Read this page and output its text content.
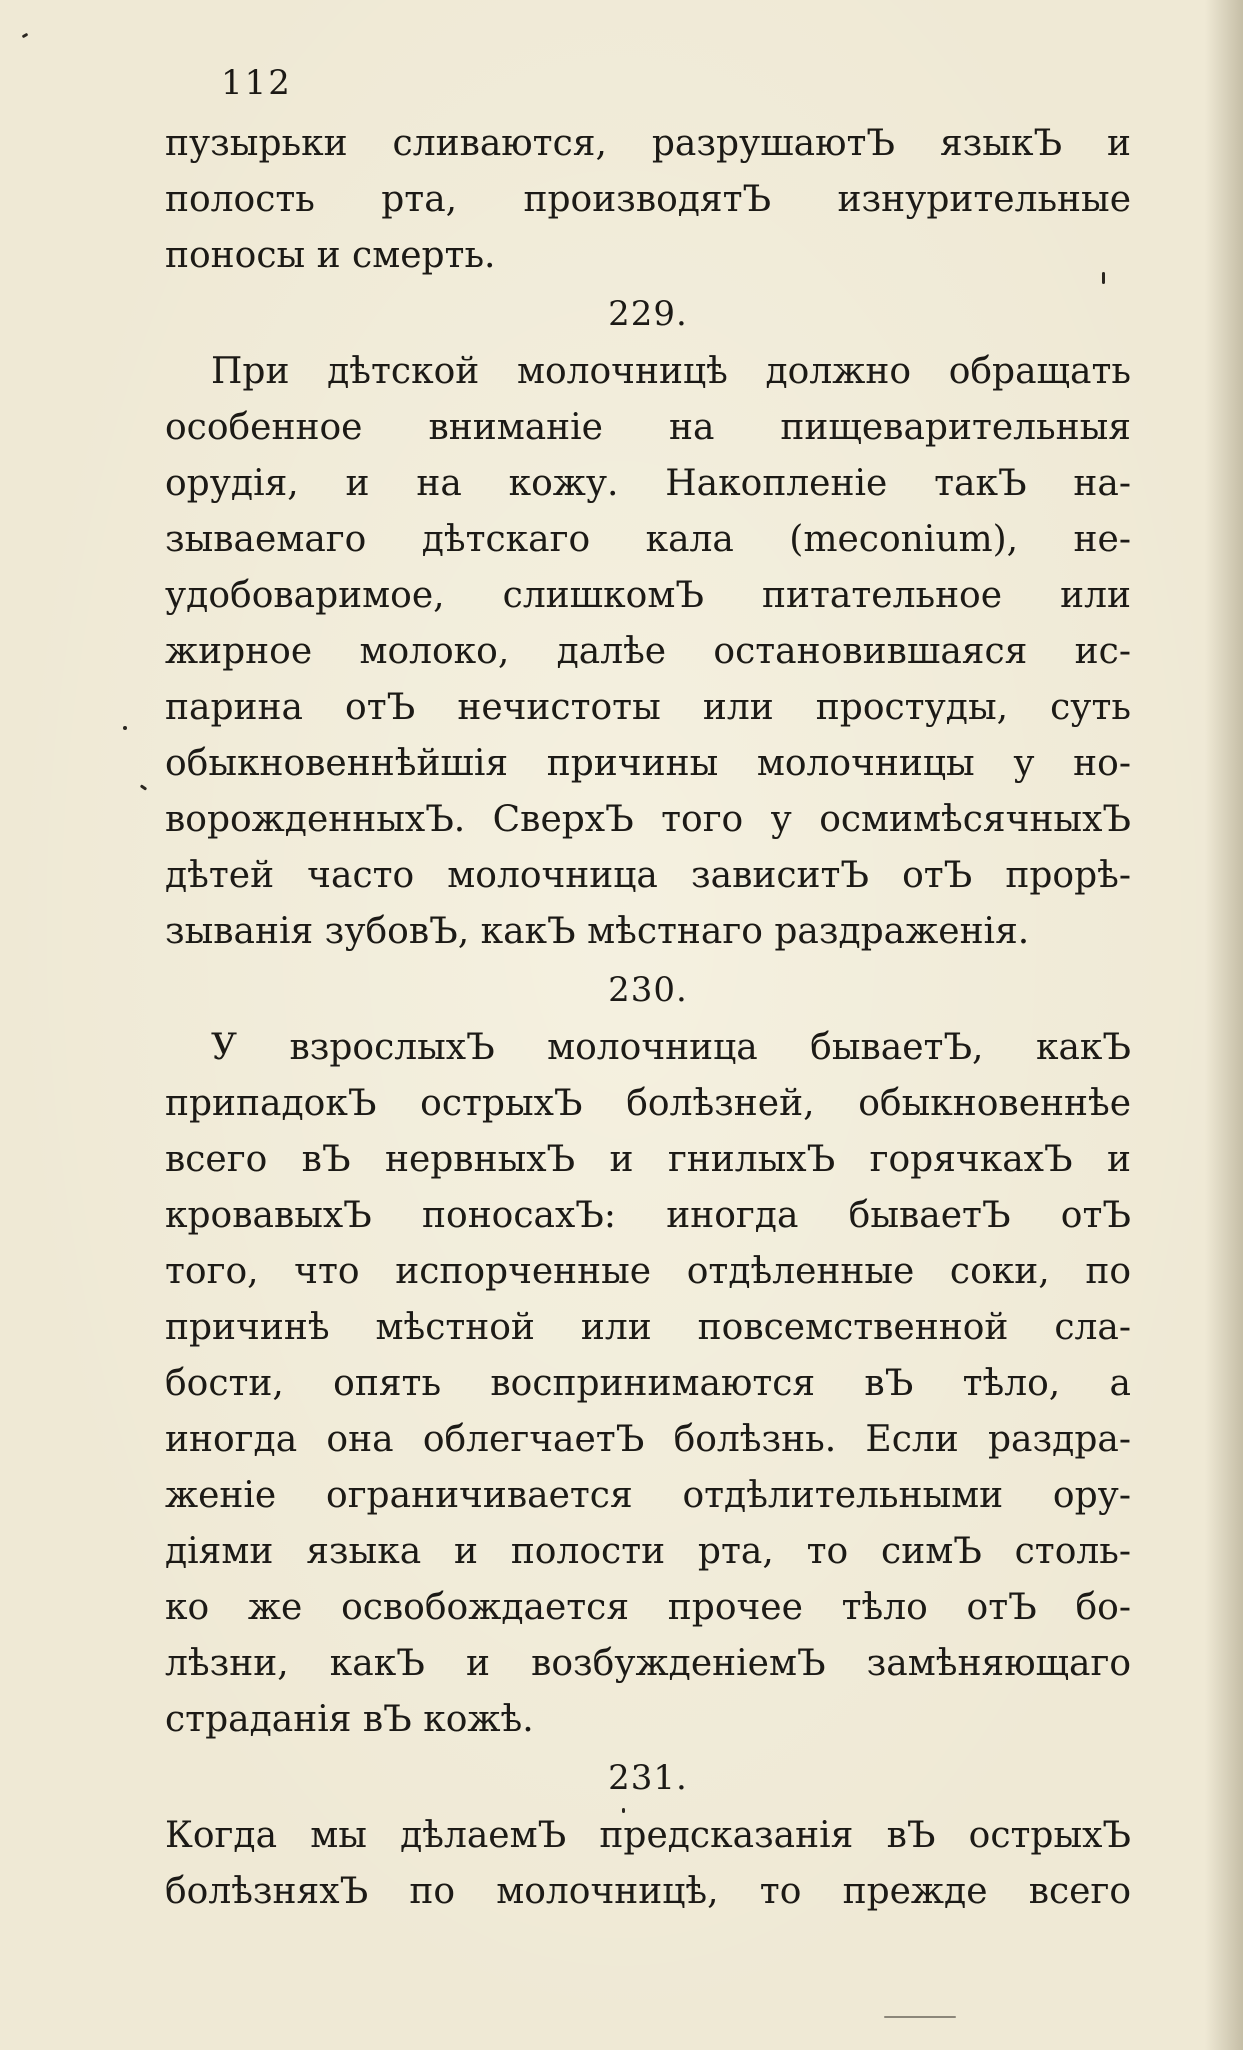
112
пузырьки сливаются, разрушаютЪ языкЪ и
полость рта, производятЪ изнурительные
поносы и смерть.
229.
При дѣтской молочницѣ должно обращать
особенное вниманіе на пищеварительныя
орудія, и на кожу. Накопленіе такЪ на-
зываемаго дѣтскаго кала (meconium), не-
удобоваримое, слишкомЪ питательное или
жирное молоко, далѣе остановившаяся ис-
парина отЪ нечистоты или простуды, суть
обыкновеннѣйшія причины молочницы у но-
ворожденныхЪ. СверхЪ того у осмимѣсячныхЪ
дѣтей часто молочница зависитЪ отЪ прорѣ-
зыванія зубовЪ, какЪ мѣстнаго раздраженія.
230.
У взрослыхЪ молочница бываетЪ, какЪ
припадокЪ острыхЪ болѣзней, обыкновеннѣе
всего вЪ нервныхЪ и гнилыхЪ горячкахЪ и
кровавыхЪ поносахЪ: иногда бываетЪ отЪ
того, что испорченные отдѣленные соки, по
причинѣ мѣстной или повсемственной сла-
бости, опять воспринимаются вЪ тѣло, а
иногда она облегчаетЪ болѣзнь. Если раздра-
женіе ограничивается отдѣлительными ору-
діями языка и полости рта, то симЪ столь-
ко же освобождается прочее тѣло отЪ бо-
лѣзни, какЪ и возбужденіемЪ замѣняющаго
страданія вЪ кожѣ.
231.
Когда мы дѣлаемЪ предсказанія вЪ острыхЪ
болѣзняхЪ по молочницѣ, то прежде всего
